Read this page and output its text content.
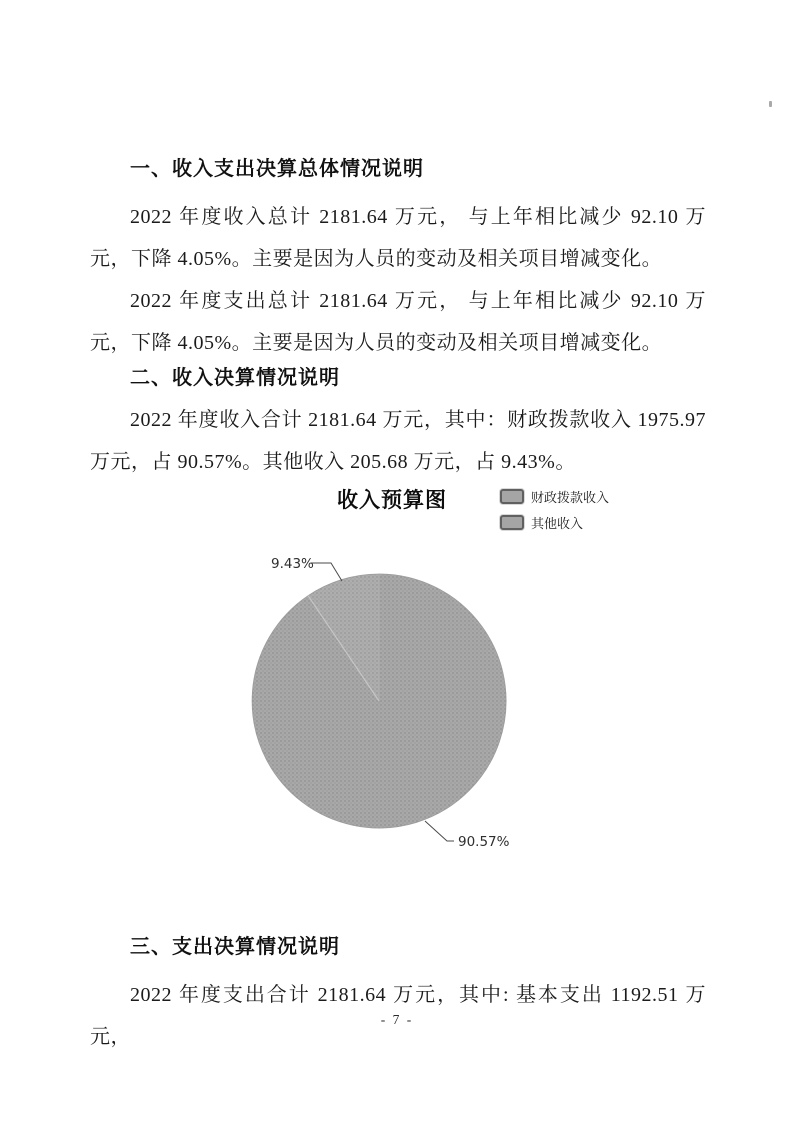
一、收入支出决算总体情况说明

2022 年度收入总计 2181.64 万元， 与上年相比减少 92.10 万元，下降 4.05%。主要是因为人员的变动及相关项目增减变化。

2022 年度支出总计 2181.64 万元， 与上年相比减少 92.10 万元，下降 4.05%。主要是因为人员的变动及相关项目增减变化。

二、收入决算情况说明

2022 年度收入合计 2181.64 万元，其中：财政拨款收入 1975.97 万元，占 90.57%。其他收入 205.68 万元，占 9.43%。

收入预算图	财政拨款收入
其他收入
9.43%
90.57%
三、支出决算情况说明

2022 年度支出合计 2181.64 万元，其中: 基本支出 1192.51 万元，

- 7 -
